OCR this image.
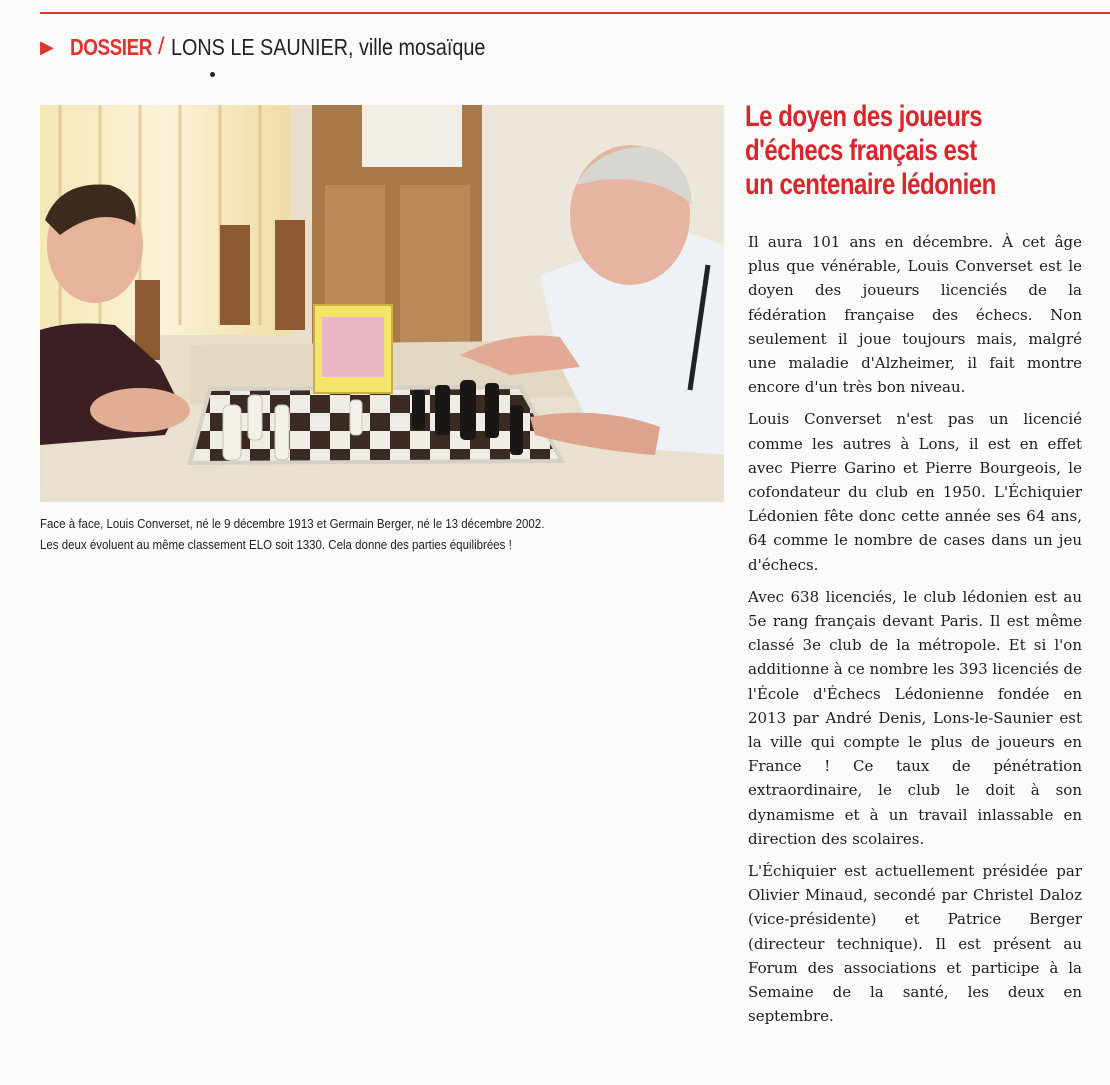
▶ DOSSIER / LONS LE SAUNIER, ville mosaïque

Face à face, Louis Converset, né le 9 décembre 1913 et Germain Berger, né le 13 décembre 2002.

Les deux évoluent au même classement ELO soit 1330. Cela donne des parties équilibrées !

Le doyen des joueurs
d'échecs français est
un centenaire lédonien

Il aura 101 ans en décembre. À cet âge plus que vénérable, Louis Converset est le doyen des joueurs licenciés de la fédération française des échecs. Non seulement il joue toujours mais, malgré une maladie d'Alzheimer, il fait montre encore d'un très bon niveau.

Louis Converset n'est pas un licencié comme les autres à Lons, il est en effet avec Pierre Garino et Pierre Bourgeois, le cofondateur du club en 1950. L'Échiquier Lédonien fête donc cette année ses 64 ans, 64 comme le nombre de cases dans un jeu d'échecs.

Avec 638 licenciés, le club lédonien est au 5e rang français devant Paris. Il est même classé 3e club de la métropole. Et si l'on additionne à ce nombre les 393 licenciés de l'École d'Échecs Lédonienne fondée en 2013 par André Denis, Lons-le-Saunier est la ville qui compte le plus de joueurs en France ! Ce taux de pénétration extraordinaire, le club le doit à son dynamisme et à un travail inlassable en direction des scolaires.

L'Échiquier est actuellement présidée par Olivier Minaud, secondé par Christel Daloz (vice-présidente) et Patrice Berger (directeur technique). Il est présent au Forum des associations et participe à la Semaine de la santé, les deux en septembre.
